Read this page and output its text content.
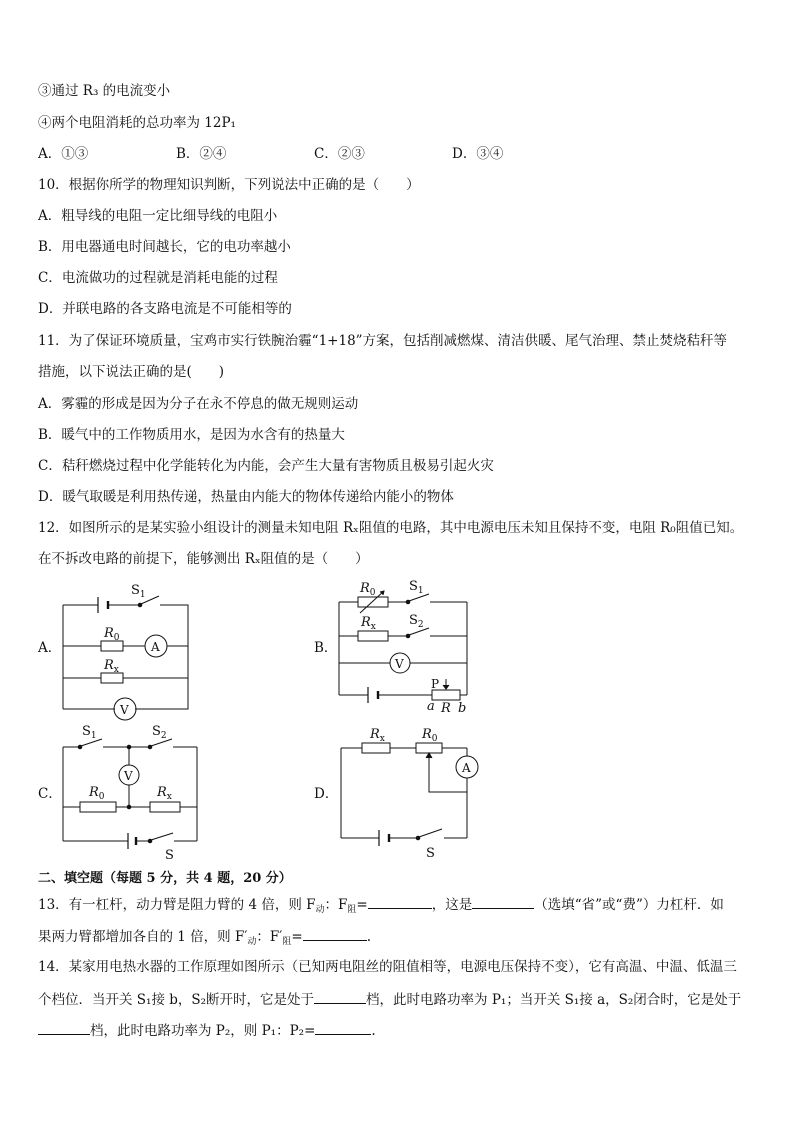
③通过 R₃ 的电流变小
④两个电阻消耗的总功率为 12P₁
A．①③	B．②④	C．②③	D．③④
10．根据你所学的物理知识判断，下列说法中正确的是（　　）
A．粗导线的电阻一定比细导线的电阻小
B．用电器通电时间越长，它的电功率越小
C．电流做功的过程就是消耗电能的过程
D．并联电路的各支路电流是不可能相等的
11．为了保证环境质量，宝鸡市实行铁腕治霾“1+18”方案，包括削减燃煤、清洁供暖、尾气治理、禁止焚烧秸秆等
措施，以下说法正确的是(　　)
A．雾霾的形成是因为分子在永不停息的做无规则运动
B．暖气中的工作物质用水，是因为水含有的热量大
C．秸秆燃烧过程中化学能转化为内能，会产生大量有害物质且极易引起火灾
D．暖气取暖是利用热传递，热量由内能大的物体传递给内能小的物体
12．如图所示的是某实验小组设计的测量未知电阻 Rₓ阻值的电路，其中电源电压未知且保持不变，电阻 R₀阻值已知。
在不拆改电路的前提下，能够测出 Rₓ阻值的是（　　）
A．	B．
C．	D．
$S_1$
$R_0$
A
$R_x$
V
$R_0$	$S_1$
$R_x$	$S_2$
V
P
a R b
$S_1$	$S_2$
V
$R_0$	$R_x$
S
$R_x$	$R_0$
A
S
二、填空题（每题 5 分，共 4 题，20 分）
13．有一杠杆，动力臂是阻力臂的 4 倍，则 $F_动$：$F_阻=$	，这是	（选填“省”或“费”）力杠杆．如
果两力臂都增加各自的 1 倍，则 $F'_动$：$F'_阻=$	.
14．某家用电热水器的工作原理如图所示（已知两电阻丝的阻值相等，电源电压保持不变），它有高温、中温、低温三
个档位．当开关 S₁接 b，S₂断开时，它是处于	档，此时电路功率为 P₁；当开关 S₁接 a，S₂闭合时，它是处于
档，此时电路功率为 P₂，则 P₁：P₂=	.
